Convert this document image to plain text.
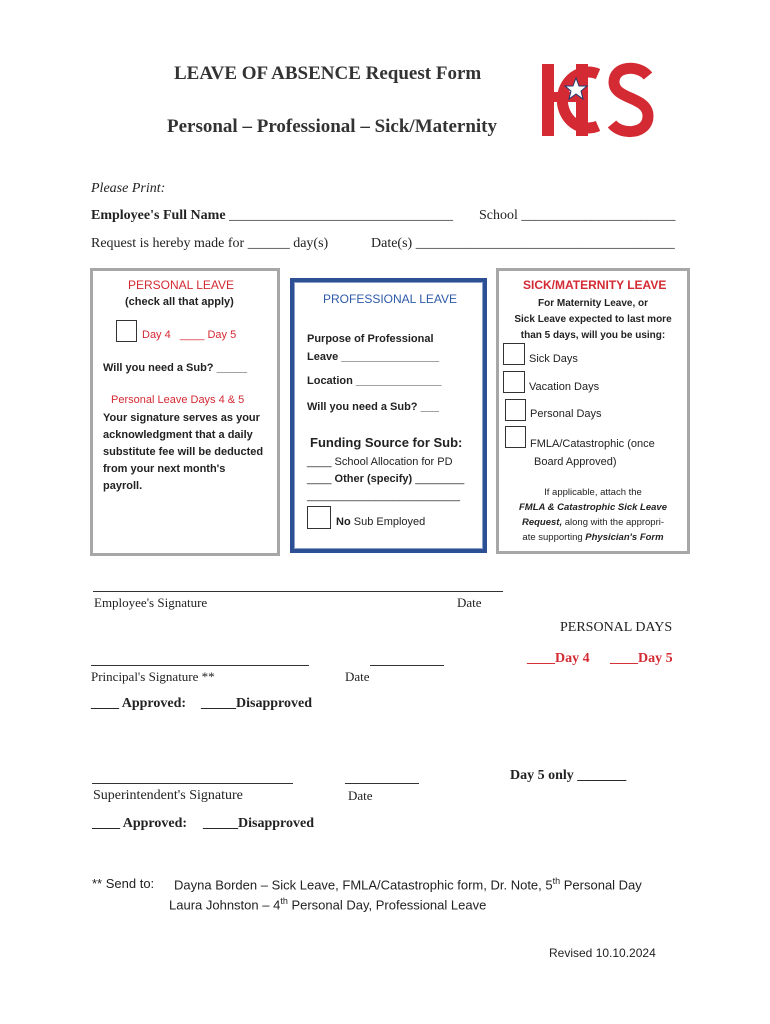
LEAVE OF ABSENCE Request Form
Personal – Professional – Sick/Maternity
Please Print:
Employee's Full Name ________________________________ School ______________________
Request is hereby made for ______ day(s)	Date(s) _____________________________________
PERSONAL LEAVE
(check all that apply)
Day 4 ____ Day 5
Will you need a Sub? _____
Personal Leave Days 4 & 5
Your signature serves as your
acknowledgment that a daily
substitute fee will be deducted
from your next month's
payroll.
PROFESSIONAL LEAVE
Purpose of Professional
Leave ________________
Location ______________
Will you need a Sub? ___
Funding Source for Sub:
____ School Allocation for PD
____ Other (specify) ________
_________________________
No Sub Employed
SICK/MATERNITY LEAVE
For Maternity Leave, or
Sick Leave expected to last more
than 5 days, will you be using:
Sick Days
Vacation Days
Personal Days
FMLA/Catastrophic (once
Board Approved)
If applicable, attach the
FMLA & Catastrophic Sick Leave
Request, along with the appropri-
ate supporting Physician's Form
Employee's Signature	Date
PERSONAL DAYS
Principal's Signature **	Date
____Day 4 ____Day 5
____ Approved: _____Disapproved
Day 5 only _______
Superintendent's Signature	Date
____ Approved: _____Disapproved
** Send to: Dayna Borden – Sick Leave, FMLA/Catastrophic form, Dr. Note, 5th Personal Day
Laura Johnston – 4th Personal Day, Professional Leave
Revised 10.10.2024
